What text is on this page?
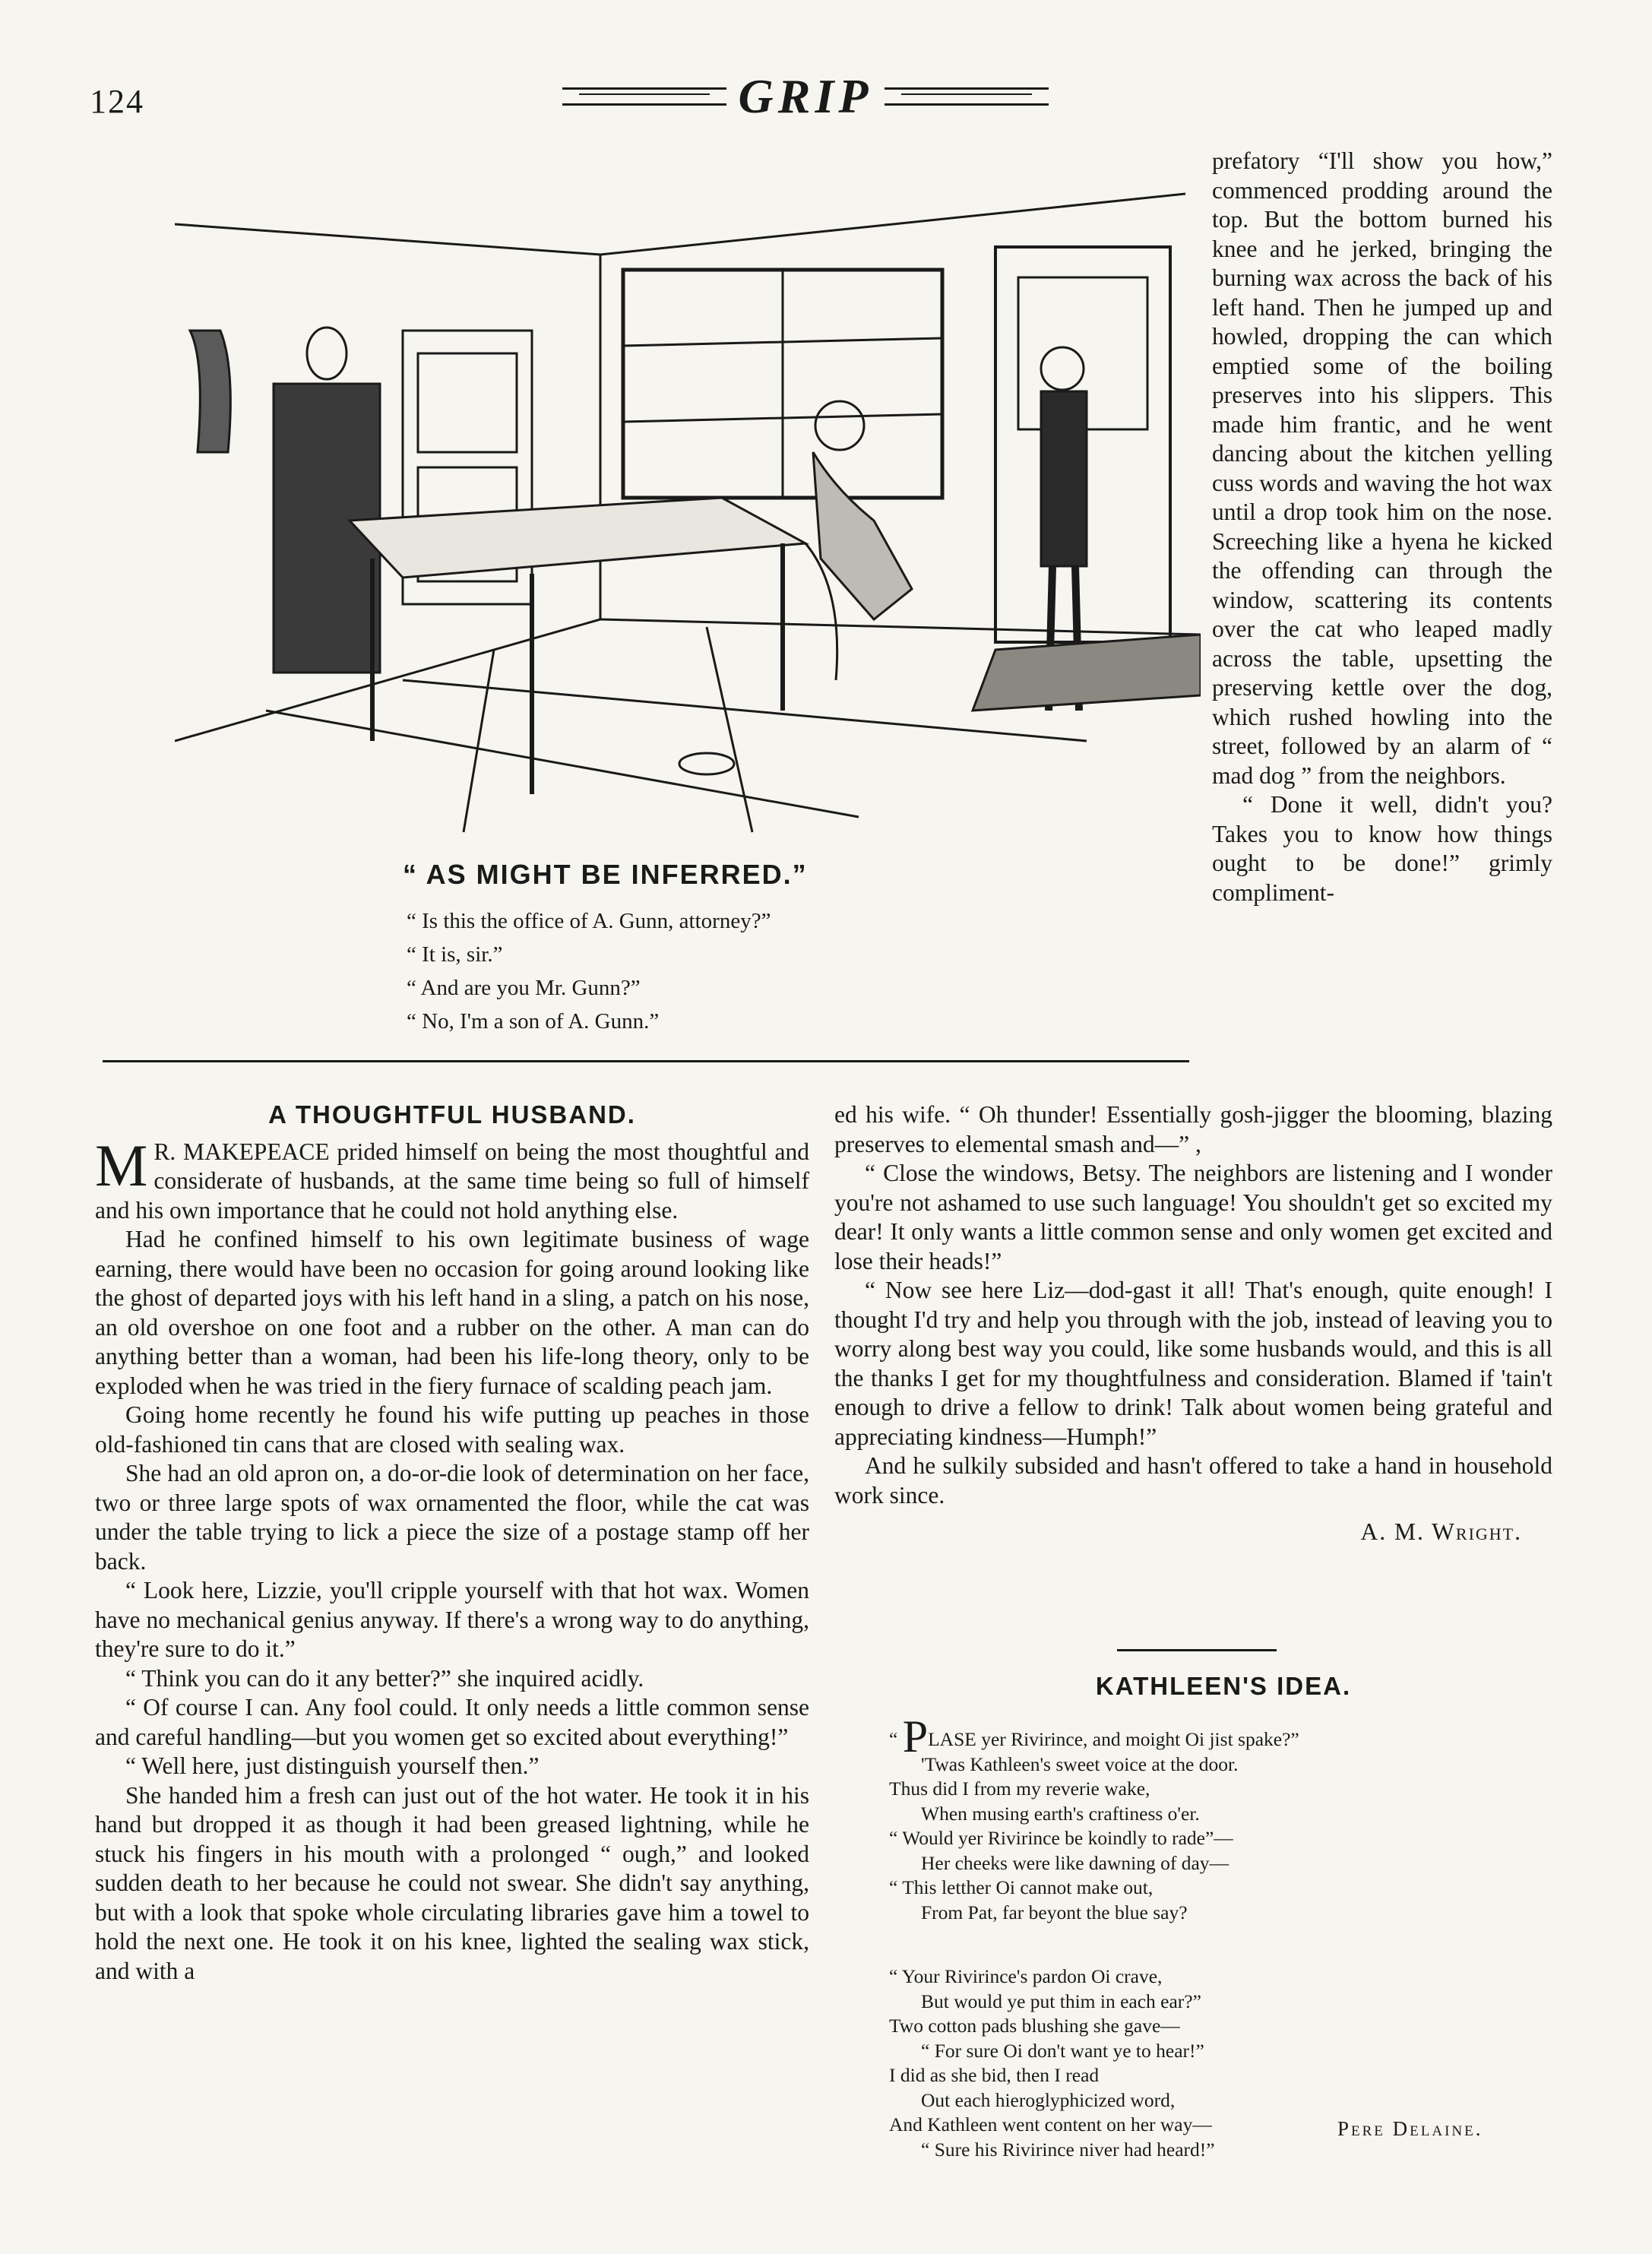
124	GRIP
“ AS MIGHT BE INFERRED.”

“ Is this the office of A. Gunn, attorney?”

“ It is, sir.”

“ And are you Mr. Gunn?”

“ No, I'm a son of A. Gunn.”

prefatory “I'll show you how,” commenced prodding around the top. But the bottom burned his knee and he jerked, bringing the burning wax across the back of his left hand. Then he jumped up and howled, dropping the can which emptied some of the boiling preserves into his slippers. This made him frantic, and he went dancing about the kitchen yelling cuss words and waving the hot wax until a drop took him on the nose. Screeching like a hyena he kicked the offending can through the window, scattering its contents over the cat who leaped madly across the table, upsetting the preserving kettle over the dog, which rushed howling into the street, followed by an alarm of “ mad dog ” from the neighbors.

“ Done it well, didn't you? Takes you to know how things ought to be done!” grimly compliment-

A THOUGHTFUL HUSBAND.

M R. MAKEPEACE prided himself on being the most thoughtful and considerate of husbands, at the same time being so full of himself and his own importance that he could not hold anything else.

Had he confined himself to his own legitimate business of wage earning, there would have been no occasion for going around looking like the ghost of departed joys with his left hand in a sling, a patch on his nose, an old overshoe on one foot and a rubber on the other. A man can do anything better than a woman, had been his life-long theory, only to be exploded when he was tried in the fiery furnace of scalding peach jam.

Going home recently he found his wife putting up peaches in those old-fashioned tin cans that are closed with sealing wax.

She had an old apron on, a do-or-die look of determination on her face, two or three large spots of wax ornamented the floor, while the cat was under the table trying to lick a piece the size of a postage stamp off her back.

“ Look here, Lizzie, you'll cripple yourself with that hot wax. Women have no mechanical genius anyway. If there's a wrong way to do anything, they're sure to do it.”

“ Think you can do it any better?” she inquired acidly.

“ Of course I can. Any fool could. It only needs a little common sense and careful handling—but you women get so excited about everything!”

“ Well here, just distinguish yourself then.”

She handed him a fresh can just out of the hot water. He took it in his hand but dropped it as though it had been greased lightning, while he stuck his fingers in his mouth with a prolonged “ ough,” and looked sudden death to her because he could not swear. She didn't say anything, but with a look that spoke whole circulating libraries gave him a towel to hold the next one. He took it on his knee, lighted the sealing wax stick, and with a

ed his wife. “ Oh thunder! Essentially gosh-jigger the blooming, blazing preserves to elemental smash and—” ,

“ Close the windows, Betsy. The neighbors are listening and I wonder you're not ashamed to use such language! You shouldn't get so excited my dear! It only wants a little common sense and only women get excited and lose their heads!”

“ Now see here Liz—dod-gast it all! That's enough, quite enough! I thought I'd try and help you through with the job, instead of leaving you to worry along best way you could, like some husbands would, and this is all the thanks I get for my thoughtfulness and consideration. Blamed if 'tain't enough to drive a fellow to drink! Talk about women being grateful and appreciating kindness—Humph!”

And he sulkily subsided and hasn't offered to take a hand in household work since.

A. M. Wright.
KATHLEEN'S IDEA.
“ PLASE yer Rivirince, and moight Oi jist spake?”
'Twas Kathleen's sweet voice at the door.
Thus did I from my reverie wake,
When musing earth's craftiness o'er.
“ Would yer Rivirince be koindly to rade”—
Her cheeks were like dawning of day—
“ This letther Oi cannot make out,
From Pat, far beyont the blue say?
“ Your Rivirince's pardon Oi crave,
But would ye put thim in each ear?”
Two cotton pads blushing she gave—
“ For sure Oi don't want ye to hear!”
I did as she bid, then I read
Out each hieroglyphicized word,
And Kathleen went content on her way—
“ Sure his Rivirince niver had heard!”
Pere Delaine.
